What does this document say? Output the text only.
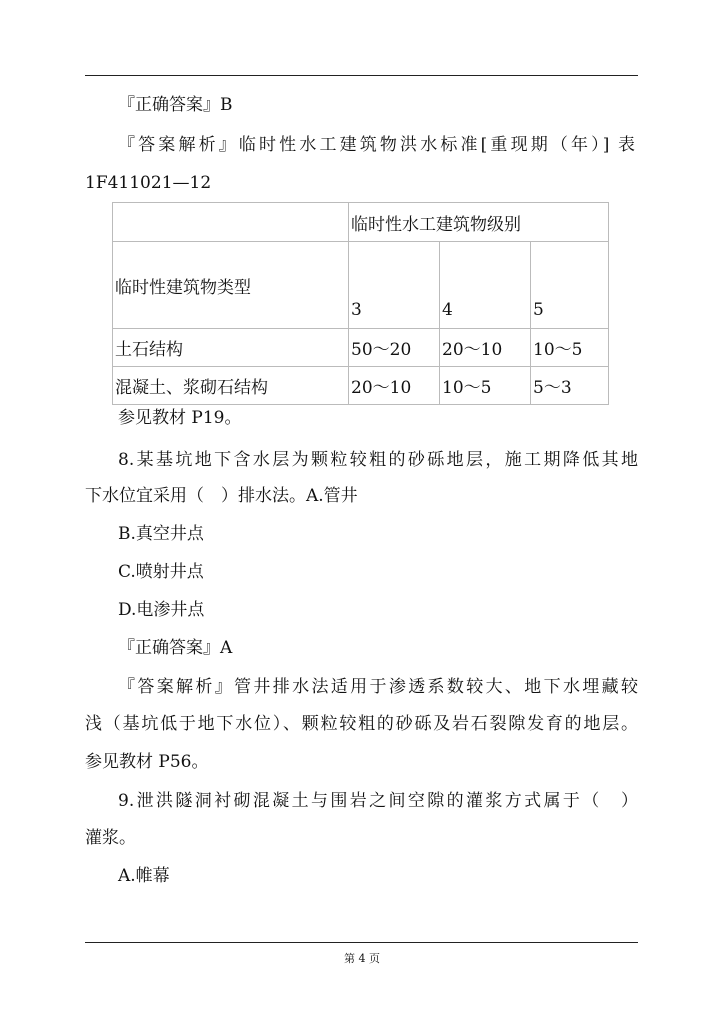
『正确答案』B
『答案解析』临时性水工建筑物洪水标准[重现期（年）] 表
1F411021—12
	临时性水工建筑物级别		
临时性建筑物类型	3	4	5
土石结构	50～20	20～10	10～5
混凝土、浆砌石结构	20～10	10～5	5～3
参见教材 P19。
8.某基坑地下含水层为颗粒较粗的砂砾地层，施工期降低其地
下水位宜采用（　）排水法。A.管井
B.真空井点
C.喷射井点
D.电渗井点
『正确答案』A
『答案解析』管井排水法适用于渗透系数较大、地下水埋藏较
浅（基坑低于地下水位）、颗粒较粗的砂砾及岩石裂隙发育的地层。
参见教材 P56。
9.泄洪隧洞衬砌混凝土与围岩之间空隙的灌浆方式属于（　）
灌浆。
A.帷幕
第 4 页
